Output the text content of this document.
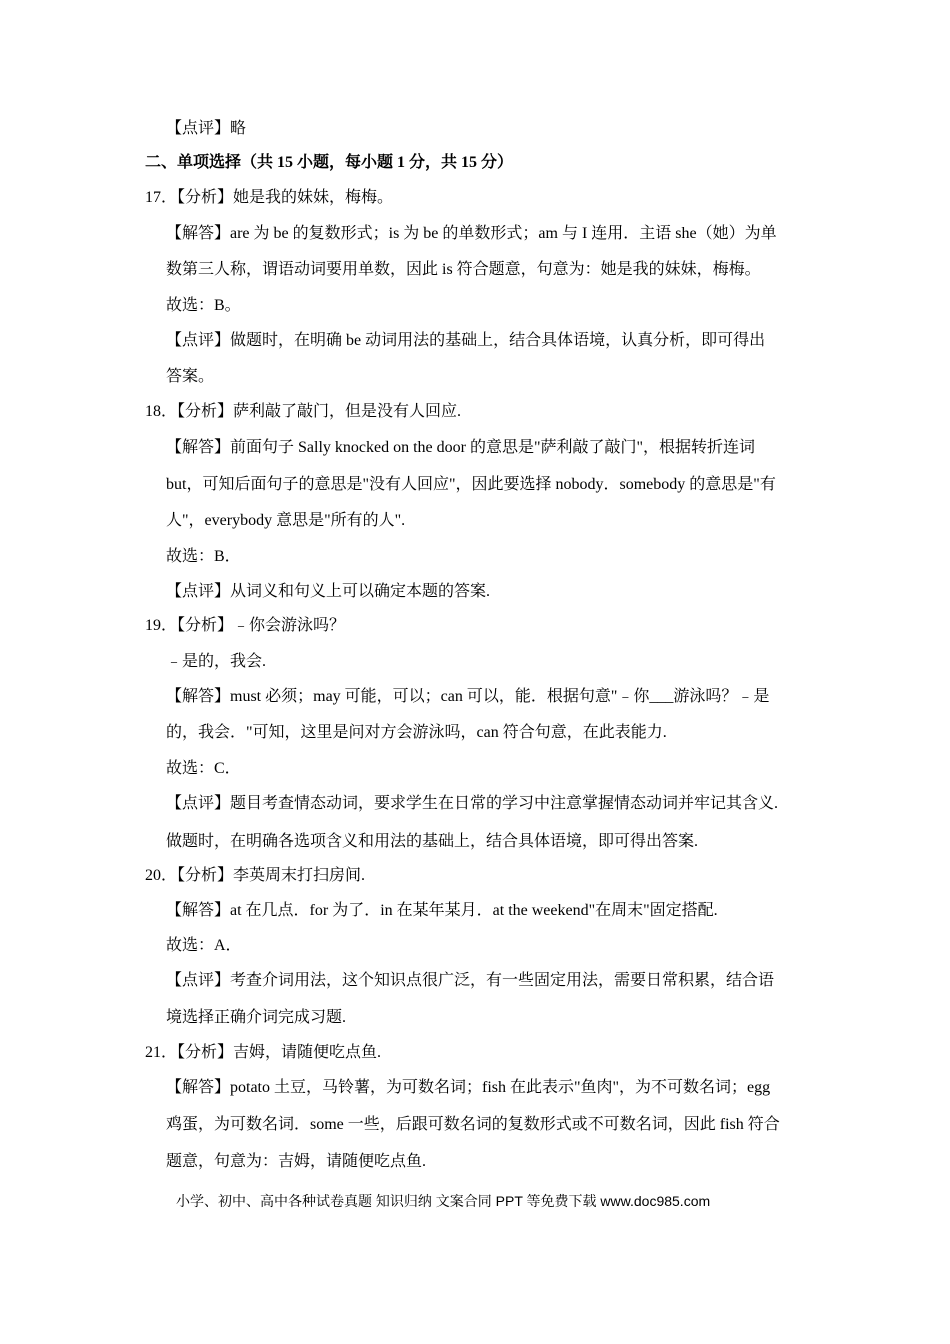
【点评】略
二、单项选择（共 15 小题，每小题 1 分，共 15 分）
17．【分析】她是我的妹妹，梅梅。
【解答】are 为 be 的复数形式；is 为 be 的单数形式；am 与 I 连用．主语 she（她）为单
数第三人称，谓语动词要用单数，因此 is 符合题意，句意为：她是我的妹妹，梅梅。
故选：B。
【点评】做题时，在明确 be 动词用法的基础上，结合具体语境，认真分析，即可得出
答案。
18．【分析】萨利敲了敲门，但是没有人回应.
【解答】前面句子 Sally knocked on the door 的意思是"萨利敲了敲门"，根据转折连词
but，可知后面句子的意思是"没有人回应"，因此要选择 nobody．somebody 的意思是"有
人"，everybody 意思是"所有的人".
故选：B．
【点评】从词义和句义上可以确定本题的答案.
19．【分析】﹣你会游泳吗？
﹣是的，我会.
【解答】must 必须；may 可能，可以；can 可以，能．根据句意"﹣你___游泳吗？﹣是
的，我会．"可知，这里是问对方会游泳吗，can 符合句意，在此表能力.
故选：C．
【点评】题目考查情态动词，要求学生在日常的学习中注意掌握情态动词并牢记其含义.
做题时，在明确各选项含义和用法的基础上，结合具体语境，即可得出答案.
20．【分析】李英周末打扫房间.
【解答】at 在几点．for 为了．in 在某年某月．at the weekend"在周末"固定搭配.
故选：A．
【点评】考查介词用法，这个知识点很广泛，有一些固定用法，需要日常积累，结合语
境选择正确介词完成习题.
21．【分析】吉姆，请随便吃点鱼.
【解答】potato 土豆，马铃薯，为可数名词；fish 在此表示"鱼肉"，为不可数名词；egg
鸡蛋，为可数名词．some 一些，后跟可数名词的复数形式或不可数名词，因此 fish 符合
题意，句意为：吉姆，请随便吃点鱼.
小学、初中、高中各种试卷真题 知识归纳 文案合同 PPT 等免费下载 www.doc985.com
